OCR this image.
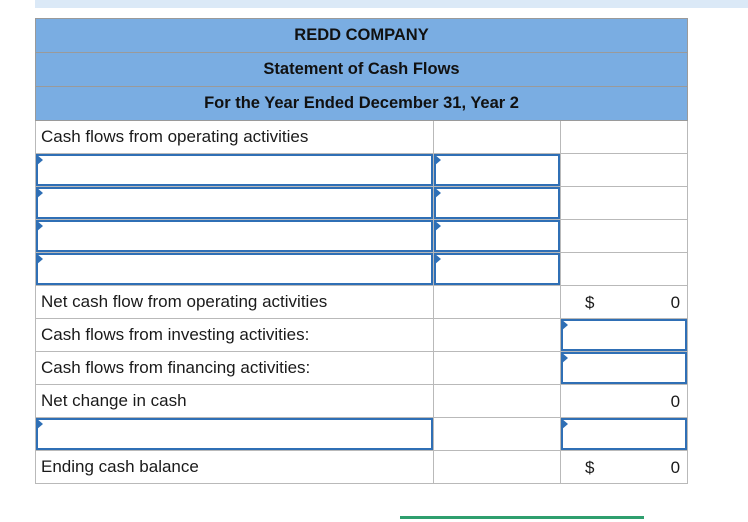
REDD COMPANY		
Statement of Cash Flows		
For the Year Ended December 31, Year 2		
Cash flows from operating activities		

Net cash flow from operating activities		$ 0

Cash flows from investing activities:		

Cash flows from financing activities:		

Net change in cash		0

Ending cash balance		$ 0
